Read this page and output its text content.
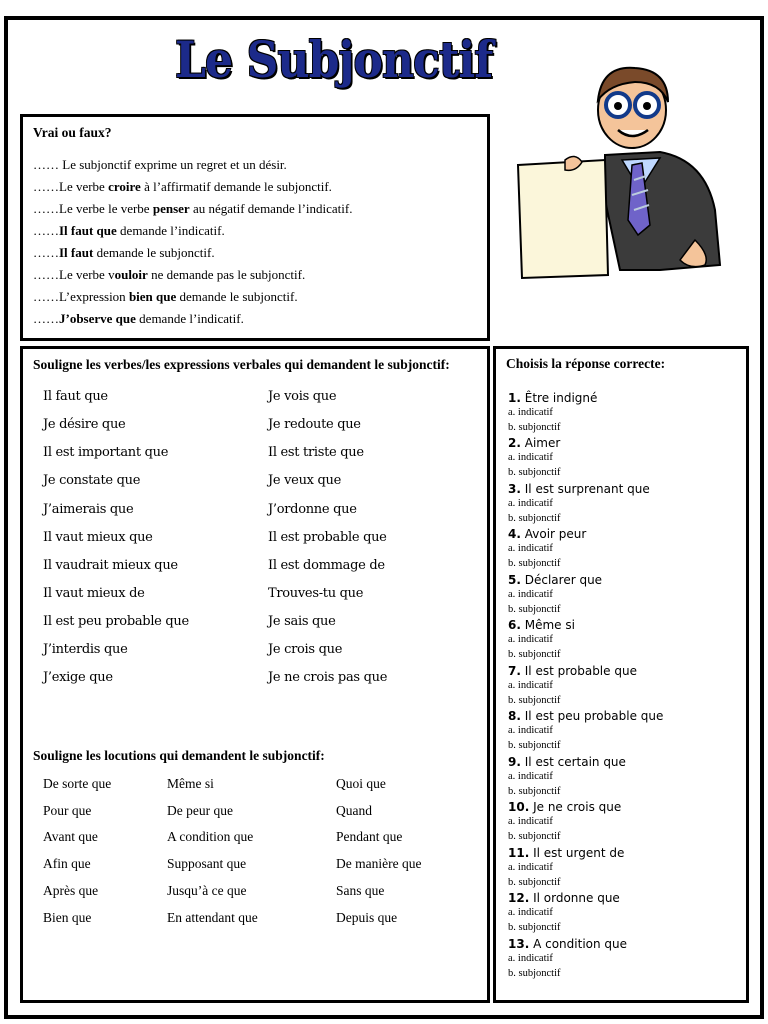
Le Subjonctif
Vrai ou faux?
…… Le subjonctif exprime un regret et un désir.
……Le verbe croire à l’affirmatif demande le subjonctif.
……Le verbe le verbe penser au négatif demande l’indicatif.
……Il faut que demande l’indicatif.
……Il faut demande le subjonctif.
……Le verbe vouloir ne demande pas le subjonctif.
……L’expression bien que demande le subjonctif.
……J’observe que demande l’indicatif.
Souligne les verbes/les expressions verbales qui demandent le subjonctif:
Il faut que
Je désire que
Il est important que
Je constate que
J’aimerais que
Il vaut mieux que
Il vaudrait mieux que
Il vaut mieux de
Il est peu probable que
J’interdis que
J’exige que
Je vois que
Je redoute que
Il est triste que
Je veux que
J’ordonne que
Il est probable que
Il est dommage de
Trouves-tu que
Je sais que
Je crois que
Je ne crois pas que
Souligne les locutions qui demandent le subjonctif:
De sorte que
Pour que
Avant que
Afin que
Après que
Bien que
Même si
De peur que
A condition que
Supposant que
Jusqu’à ce que
En attendant que
Quoi que
Quand
Pendant que
De manière que
Sans que
Depuis que
Choisis la réponse correcte:
1. Être indigné
a. indicatif
b. subjonctif
2. Aimer
a. indicatif
b. subjonctif
3. Il est surprenant que
a. indicatif
b. subjonctif
4. Avoir peur
a. indicatif
b. subjonctif
5. Déclarer que
a. indicatif
b. subjonctif
6. Même si
a. indicatif
b. subjonctif
7. Il est probable que
a. indicatif
b. subjonctif
8. Il est peu probable que
a. indicatif
b. subjonctif
9. Il est certain que
a. indicatif
b. subjonctif
10. Je ne crois que
a. indicatif
b. subjonctif
11. Il est urgent de
a. indicatif
b. subjonctif
12. Il ordonne que
a. indicatif
b. subjonctif
13. A condition que
a. indicatif
b. subjonctif
